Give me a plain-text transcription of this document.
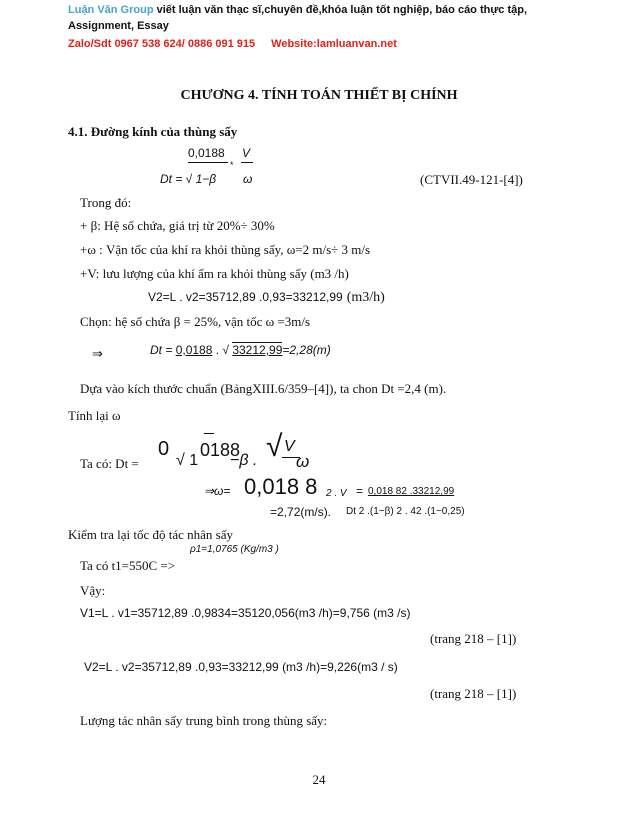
Luận Văn Group viết luận văn thạc sĩ,chuyên đề,khóa luận tốt nghiệp, báo cáo thực tập,
Assignment, Essay
Zalo/Sdt 0967 538 624/ 0886 091 915 Website:lamluanvan.net
CHƯƠNG 4. TÍNH TOÁN THIẾT BỊ CHÍNH
4.1. Đường kính của thùng sấy
0,0188 V
Dt = √ 1−β ω
*
(CTVII.49-121-[4])
Trong đó:
+ β: Hệ số chứa, giá trị từ 20%÷ 30%
+ω : Vận tốc của khí ra khỏi thùng sấy, ω=2 m/s÷ 3 m/s
+V: lưu lượng của khí ẩm ra khỏi thùng sấy (m3 /h)
V2=L . v2=35712,89 .0,93=33212,99 (m3/h)
Chọn: hệ số chứa β = 25%, vận tốc ω =3m/s
⇒	Dt = 0,0188 . √ 33212,99=2,28(m)
Dựa vào kích thước chuẩn (BảngXIII.6/359–[4]), ta chon Dt =2,4 (m).
Tính lại ω
Ta có: Dt =
0
√ 1
0188
−β . √ V
ω
⇒ω= 0,018 8 2 . V = 0,018 82 .33212,99
=2,72(m/s). Dt 2 .(1−β) 2 . 42 .(1−0,25)
Kiểm tra lại tốc độ tác nhân sấy
ρ1=1,0765 (Kg/m3 )
Ta có t1=550C =>
Vậy:
V1=L . v1=35712,89 .0,9834=35120,056(m3 /h)=9,756 (m3 /s)
(trang 218 – [1])
V2=L . v2=35712,89 .0,93=33212,99 (m3 /h)=9,226(m3 / s)
(trang 218 – [1])
Lượng tác nhân sấy trung bình trong thùng sấy:
24
